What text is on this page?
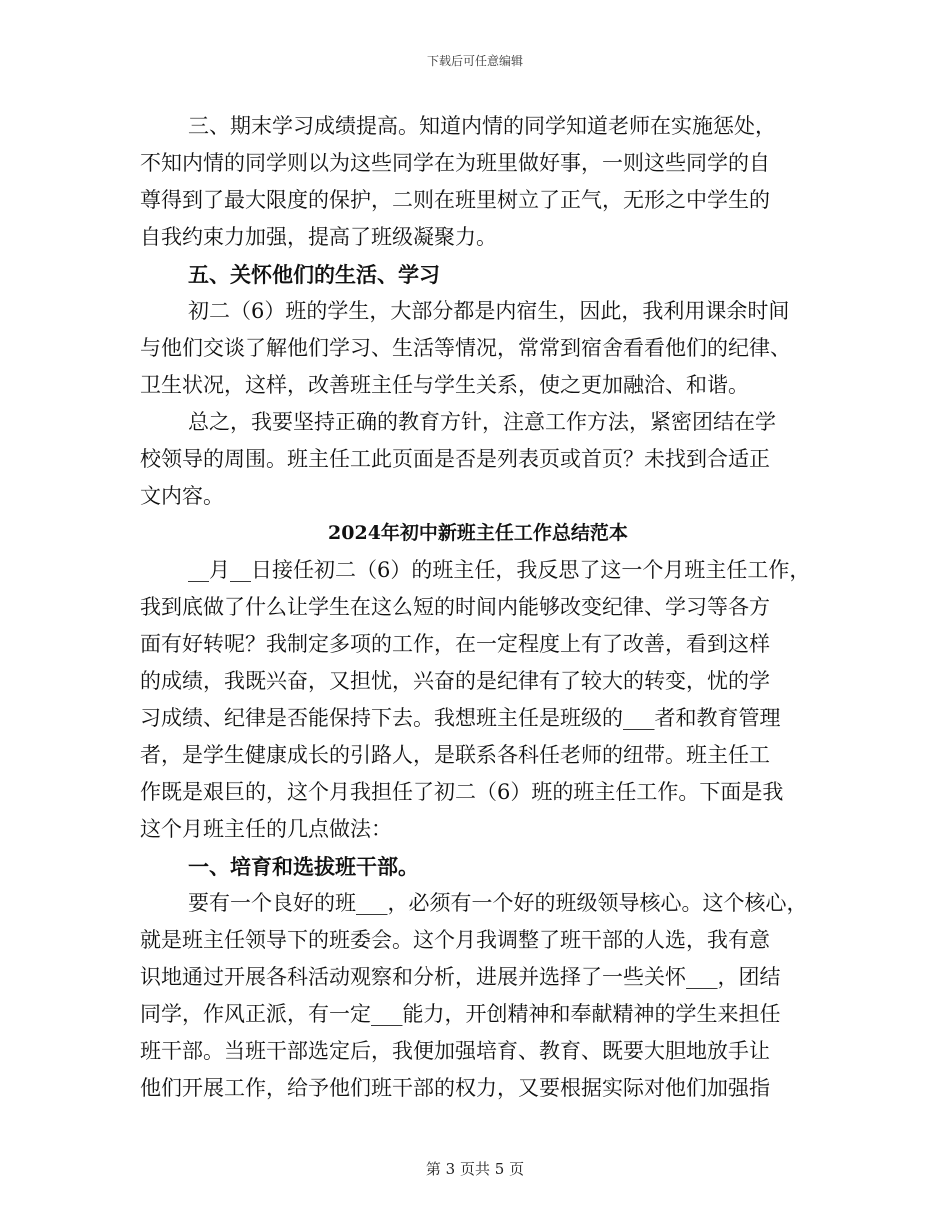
下载后可任意编辑
三、期末学习成绩提高。知道内情的同学知道老师在实施惩处，
不知内情的同学则以为这些同学在为班里做好事，一则这些同学的自
尊得到了最大限度的保护，二则在班里树立了正气，无形之中学生的
自我约束力加强，提高了班级凝聚力。
五、关怀他们的生活、学习
初二（6）班的学生，大部分都是内宿生，因此，我利用课余时间
与他们交谈了解他们学习、生活等情况，常常到宿舍看看他们的纪律、
卫生状况，这样，改善班主任与学生关系，使之更加融洽、和谐。
总之，我要坚持正确的教育方针，注意工作方法，紧密团结在学
校领导的周围。班主任工此页面是否是列表页或首页？未找到合适正
文内容。
2024年初中新班主任工作总结范本
__月__日接任初二（6）的班主任，我反思了这一个月班主任工作，
我到底做了什么让学生在这么短的时间内能够改变纪律、学习等各方
面有好转呢？我制定多项的工作，在一定程度上有了改善，看到这样
的成绩，我既兴奋，又担忧，兴奋的是纪律有了较大的转变，忧的学
习成绩、纪律是否能保持下去。我想班主任是班级的___者和教育管理
者，是学生健康成长的引路人，是联系各科任老师的纽带。班主任工
作既是艰巨的，这个月我担任了初二（6）班的班主任工作。下面是我
这个月班主任的几点做法：
一、培育和选拔班干部。
要有一个良好的班___，必须有一个好的班级领导核心。这个核心，
就是班主任领导下的班委会。这个月我调整了班干部的人选，我有意
识地通过开展各科活动观察和分析，进展并选择了一些关怀___，团结
同学，作风正派，有一定___能力，开创精神和奉献精神的学生来担任
班干部。当班干部选定后，我便加强培育、教育、既要大胆地放手让
他们开展工作，给予他们班干部的权力，又要根据实际对他们加强指
第 3 页共 5 页
